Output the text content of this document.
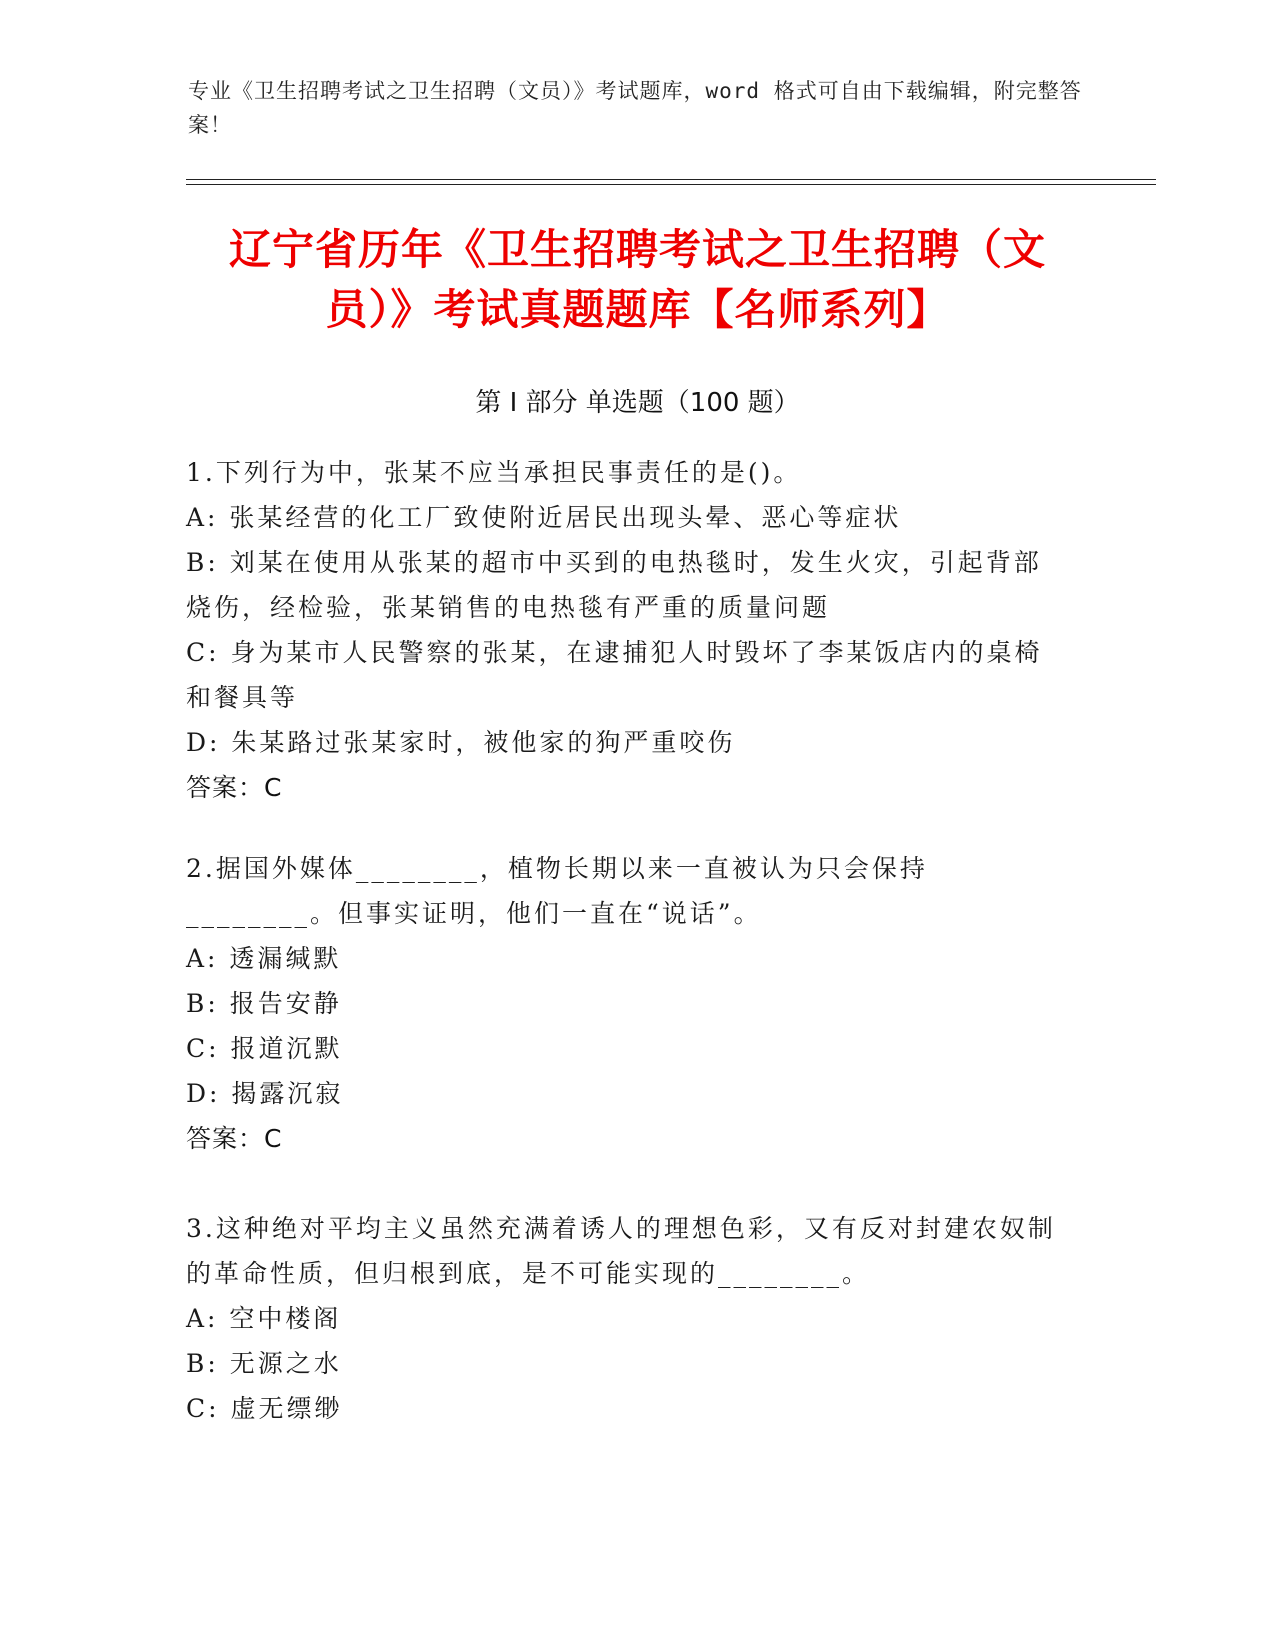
专业《卫生招聘考试之卫生招聘（文员）》考试题库，word 格式可自由下载编辑，附完整答案！
辽宁省历年《卫生招聘考试之卫生招聘（文
员）》考试真题题库【名师系列】
第 I 部分 单选题（100 题）
1.下列行为中，张某不应当承担民事责任的是()。
A: 张某经营的化工厂致使附近居民出现头晕、恶心等症状
B: 刘某在使用从张某的超市中买到的电热毯时，发生火灾，引起背部烧伤，经检验，张某销售的电热毯有严重的质量问题
C: 身为某市人民警察的张某，在逮捕犯人时毁坏了李某饭店内的桌椅和餐具等
D: 朱某路过张某家时，被他家的狗严重咬伤
答案：C
2.据国外媒体________，植物长期以来一直被认为只会保持________。但事实证明，他们一直在“说话”。
A: 透漏缄默
B: 报告安静
C: 报道沉默
D: 揭露沉寂
答案：C
3.这种绝对平均主义虽然充满着诱人的理想色彩，又有反对封建农奴制的革命性质，但归根到底，是不可能实现的________。
A: 空中楼阁
B: 无源之水
C: 虚无缥缈
